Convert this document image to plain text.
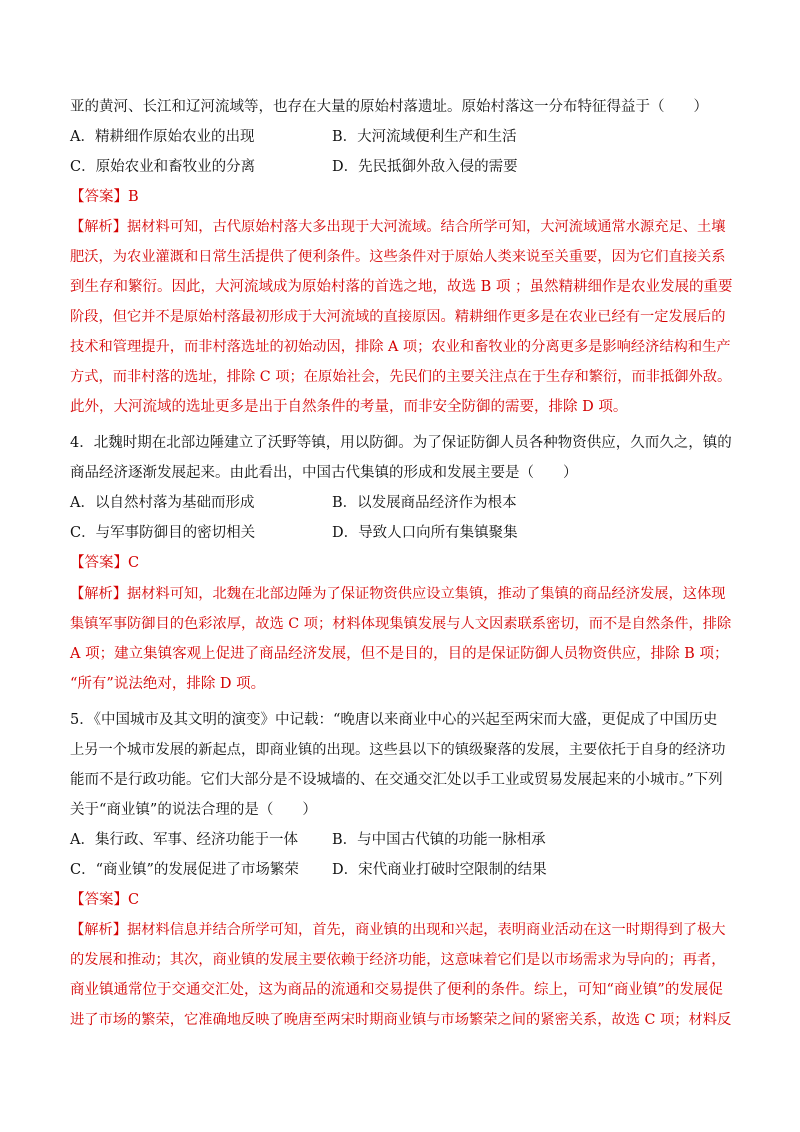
亚的黄河、长江和辽河流域等，也存在大量的原始村落遗址。原始村落这一分布特征得益于（　　）
A．精耕细作原始农业的出现	B．大河流域便利生产和生活
C．原始农业和畜牧业的分离	D．先民抵御外敌入侵的需要
【答案】B
【解析】据材料可知，古代原始村落大多出现于大河流域。结合所学可知，大河流域通常水源充足、土壤
肥沃，为农业灌溉和日常生活提供了便利条件。这些条件对于原始人类来说至关重要，因为它们直接关系
到生存和繁衍。因此，大河流域成为原始村落的首选之地，故选 B 项 ；虽然精耕细作是农业发展的重要
阶段，但它并不是原始村落最初形成于大河流域的直接原因。精耕细作更多是在农业已经有一定发展后的
技术和管理提升，而非村落选址的初始动因，排除 A 项；农业和畜牧业的分离更多是影响经济结构和生产
方式，而非村落的选址，排除 C 项；在原始社会，先民们的主要关注点在于生存和繁衍，而非抵御外敌。
此外，大河流域的选址更多是出于自然条件的考量，而非安全防御的需要，排除 D 项。
4．北魏时期在北部边陲建立了沃野等镇，用以防御。为了保证防御人员各种物资供应，久而久之，镇的
商品经济逐渐发展起来。由此看出，中国古代集镇的形成和发展主要是（　　）
A．以自然村落为基础而形成	B．以发展商品经济作为根本
C．与军事防御目的密切相关	D．导致人口向所有集镇聚集
【答案】C
【解析】据材料可知，北魏在北部边陲为了保证物资供应设立集镇，推动了集镇的商品经济发展，这体现
集镇军事防御目的色彩浓厚，故选 C 项；材料体现集镇发展与人文因素联系密切，而不是自然条件，排除
A 项；建立集镇客观上促进了商品经济发展，但不是目的，目的是保证防御人员物资供应，排除 B 项；
“所有”说法绝对，排除 D 项。
5．《中国城市及其文明的演变》中记载：“晚唐以来商业中心的兴起至两宋而大盛，更促成了中国历史
上另一个城市发展的新起点，即商业镇的出现。这些县以下的镇级聚落的发展，主要依托于自身的经济功
能而不是行政功能。它们大部分是不设城墙的、在交通交汇处以手工业或贸易发展起来的小城市。”下列
关于“商业镇”的说法合理的是（　　）
A．集行政、军事、经济功能于一体 B．与中国古代镇的功能一脉相承
C．“商业镇”的发展促进了市场繁荣 D．宋代商业打破时空限制的结果
【答案】C
【解析】据材料信息并结合所学可知，首先，商业镇的出现和兴起，表明商业活动在这一时期得到了极大
的发展和推动；其次，商业镇的发展主要依赖于经济功能，这意味着它们是以市场需求为导向的；再者，
商业镇通常位于交通交汇处，这为商品的流通和交易提供了便利的条件。综上，可知“商业镇”的发展促
进了市场的繁荣，它准确地反映了晚唐至两宋时期商业镇与市场繁荣之间的紧密关系，故选 C 项；材料反
